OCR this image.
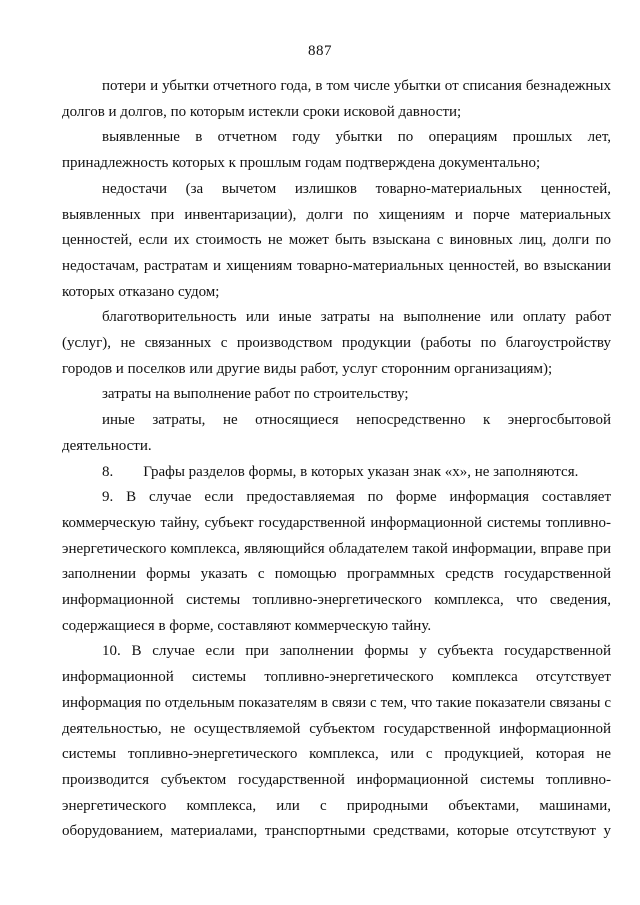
887

потери и убытки отчетного года, в том числе убытки от списания безнадежных долгов и долгов, по которым истекли сроки исковой давности;

выявленные в отчетном году убытки по операциям прошлых лет, принадлежность которых к прошлым годам подтверждена документально;

недостачи (за вычетом излишков товарно-материальных ценностей, выявленных при инвентаризации), долги по хищениям и порче материальных ценностей, если их стоимость не может быть взыскана с виновных лиц, долги по недостачам, растратам и хищениям товарно-материальных ценностей, во взыскании которых отказано судом;

благотворительность или иные затраты на выполнение или оплату работ (услуг), не связанных с производством продукции (работы по благоустройству городов и поселков или другие виды работ, услуг сторонним организациям);

затраты на выполнение работ по строительству;

иные затраты, не относящиеся непосредственно к энергосбытовой деятельности.

8.  Графы разделов формы, в которых указан знак «х», не заполняются.

9. В случае если предоставляемая по форме информация составляет коммерческую тайну, субъект государственной информационной системы топливно-энергетического комплекса, являющийся обладателем такой информации, вправе при заполнении формы указать с помощью программных средств государственной информационной системы топливно-энергетического комплекса, что сведения, содержащиеся в форме, составляют коммерческую тайну.

10. В случае если при заполнении формы у субъекта государственной информационной системы топливно-энергетического комплекса отсутствует информация по отдельным показателям в связи с тем, что такие показатели связаны с деятельностью, не осуществляемой субъектом государственной информационной системы топливно-энергетического комплекса, или с продукцией, которая не производится субъектом государственной информационной системы топливно-энергетического комплекса, или с природными объектами, машинами, оборудованием, материалами, транспортными средствами, которые отсутствуют у
